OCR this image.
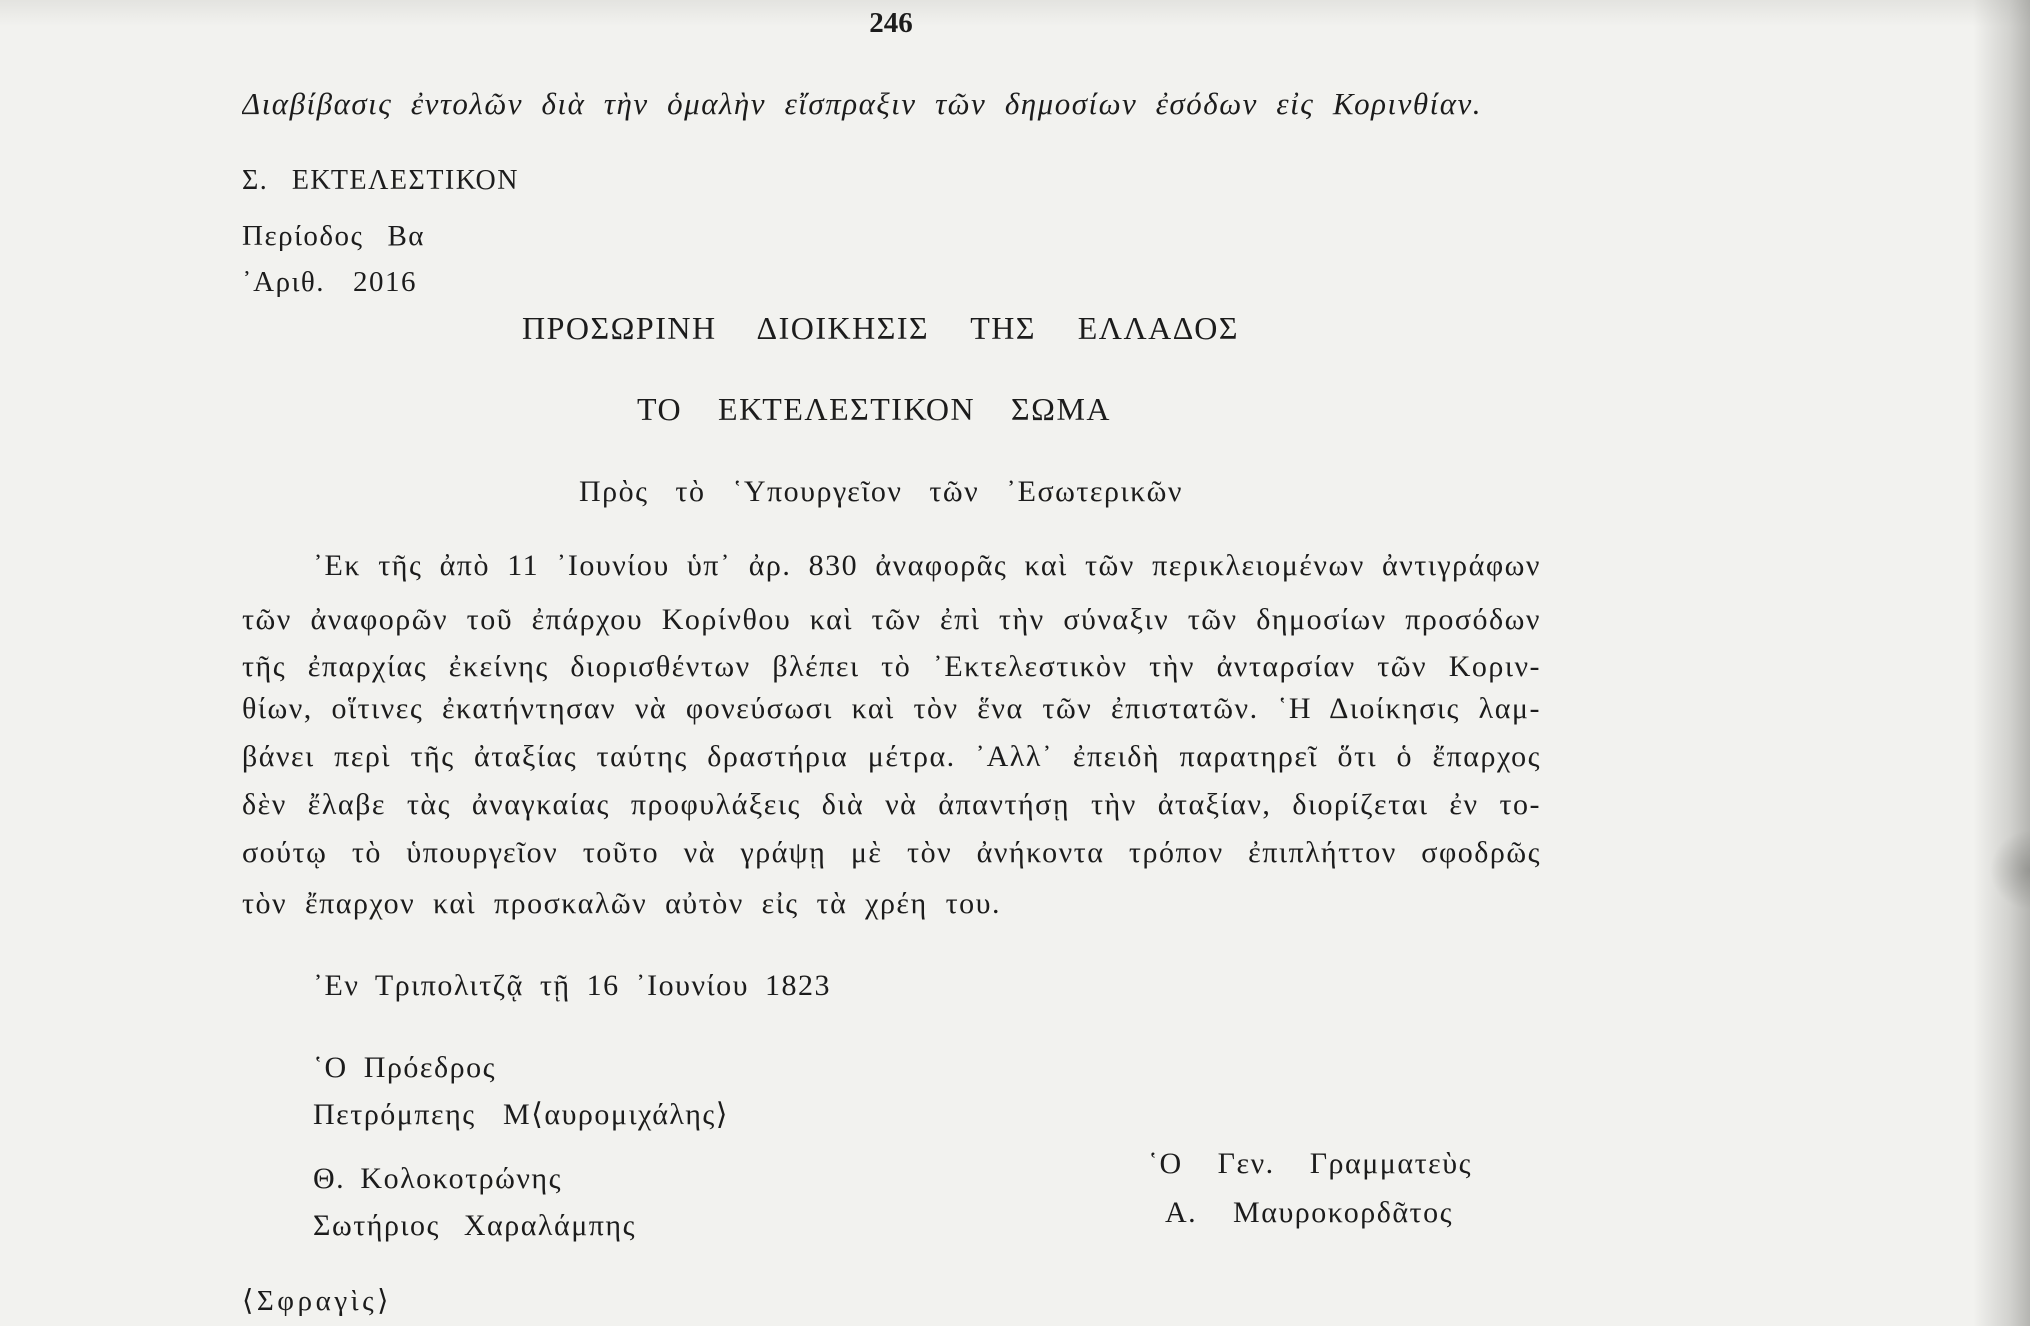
246
Διαβίβασις ἐντολῶν διὰ τὴν ὁμαλὴν εἴσπραξιν τῶν δημοσίων ἐσόδων εἰς Κορινθίαν.
Σ. ΕΚΤΕΛΕΣΤΙΚΟΝ
Περίοδος Βα
᾽Αριθ. 2016
ΠΡΟΣΩΡΙΝΗ ΔΙΟΙΚΗΣΙΣ ΤΗΣ ΕΛΛΑΔΟΣ
ΤΟ ΕΚΤΕΛΕΣΤΙΚΟΝ ΣΩΜΑ
Πρὸς τὸ ῾Υπουργεῖον τῶν ᾽Εσωτερικῶν
᾽Εκ τῆς ἀπὸ 11 ᾽Ιουνίου ὑπ᾽ ἀρ. 830 ἀναφορᾶς καὶ τῶν περικλειομένων ἀντιγράφων
τῶν ἀναφορῶν τοῦ ἐπάρχου Κορίνθου καὶ τῶν ἐπὶ τὴν σύναξιν τῶν δημοσίων προσόδων
τῆς ἐπαρχίας ἐκείνης διορισθέντων βλέπει τὸ ᾽Εκτελεστικὸν τὴν ἀνταρσίαν τῶν Κοριν-
θίων, οἵτινες ἐκατήντησαν νὰ φονεύσωσι καὶ τὸν ἕνα τῶν ἐπιστατῶν. ῾Η Διοίκησις λαμ-
βάνει περὶ τῆς ἀταξίας ταύτης δραστήρια μέτρα. ᾽Αλλ᾽ ἐπειδὴ παρατηρεῖ ὅτι ὁ ἔπαρχος
δὲν ἔλαβε τὰς ἀναγκαίας προφυλάξεις διὰ νὰ ἀπαντήσῃ τὴν ἀταξίαν, διορίζεται ἐν το-
σούτῳ τὸ ὑπουργεῖον τοῦτο νὰ γράψῃ μὲ τὸν ἀνήκοντα τρόπον ἐπιπλήττον σφοδρῶς
τὸν ἔπαρχον καὶ προσκαλῶν αὐτὸν εἰς τὰ χρέη του.
᾽Εν Τριπολιτζᾷ τῇ 16 ᾽Ιουνίου 1823
῾Ο Πρόεδρος
Πετρόμπεης Μ⟨αυρομιχάλης⟩
Θ. Κολοκοτρώνης
Σωτήριος Χαραλάμπης
῾Ο Γεν. Γραμματεὺς
Α. Μαυροκορδᾶτος
⟨Σφραγὶς⟩
